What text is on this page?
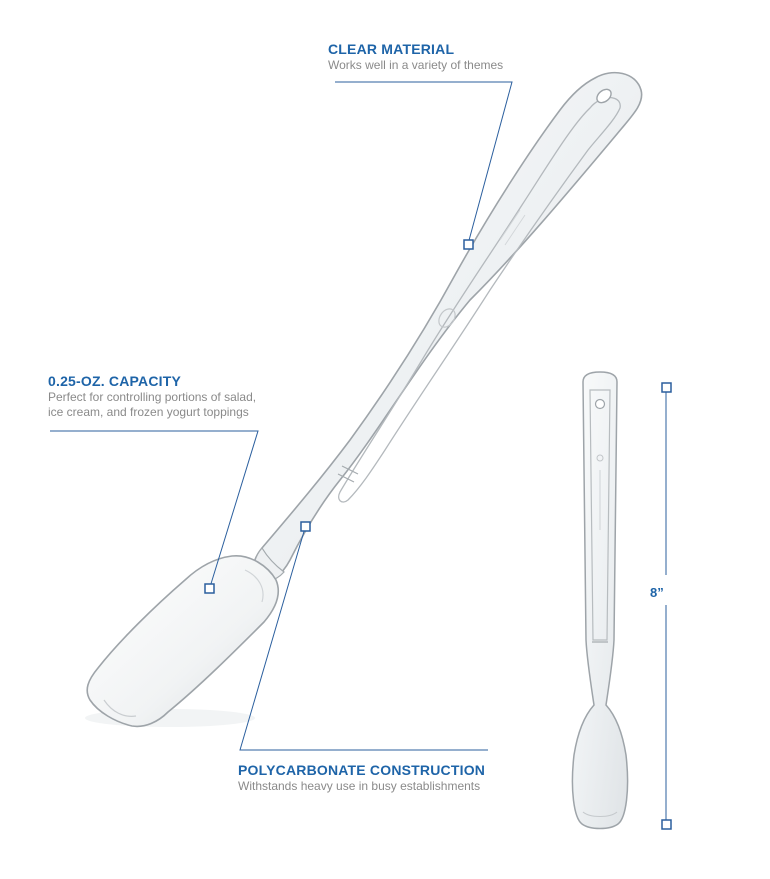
CLEAR MATERIAL
Works well in a variety of themes
0.25-OZ. CAPACITY
Perfect for controlling portions of salad,
ice cream, and frozen yogurt toppings
POLYCARBONATE CONSTRUCTION
Withstands heavy use in busy establishments
8”
